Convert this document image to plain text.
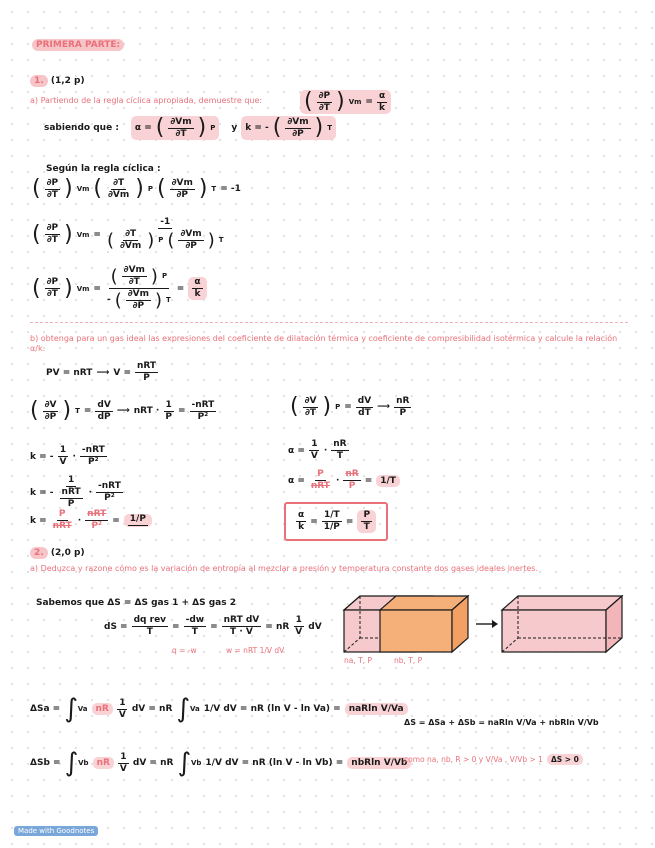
PRIMERA PARTE:
1. (1,2 p)
a) Partiendo de la regla cíclica apropiada, demuestre que: ( $\frac{\partial P}{\partial T}$ ) $Vm = \frac{\alpha}{k}$
sabiendo que : α = ( $\frac{\partial Vm}{\partial T}$ ) P y k = - ( $\frac{\partial Vm}{\partial P}$ ) T
Según la regla cíclica :
( $\frac{\partial P}{\partial T}$ ) Vm ( $\frac{\partial T}{\partial Vm}$ ) P ( $\frac{\partial Vm}{\partial P}$ ) T = -1
( $\frac{\partial P}{\partial T}$ ) $Vm = \frac{-1}{( \frac{\partial T}{\partial Vm} ) P ( \frac{\partial Vm}{\partial P} ) T}$
( $\frac{\partial P}{\partial T}$ ) $Vm = \frac{( \frac{\partial Vm}{\partial T} ) P}{- ( \frac{\partial Vm}{\partial P} ) T} = \frac{\alpha}{k}$
b) obtenga para un gas ideal las expresiones del coeficiente de dilatación térmica y coeficiente de compresibilidad isotérmica y calcule la relación α/k.
PV = nRT ⟶ $V = \frac{\text{nRT}}{P}$
( $\frac{\partial V}{\partial P}$ ) $T = \frac{dV}{dP}$ ⟶ nRT · $\frac{1}{P} = \frac{\text{-nRT}}{\text{P²}}$	( $\frac{\partial V}{\partial T}$ ) $P = \frac{dV}{dT}$ ⟶ $\frac{nR}{P}$
k = - $\frac{1}{V} \cdot \frac{\text{-nRT}}{\text{P²}}$
k = - $\frac{1}{\frac{\text{nRT}}{P}} \cdot \frac{\text{-nRT}}{\text{P²}}$
$k = \frac{P}{\text{nRT}} \cdot \frac{\text{nRT}}{\text{P²}} = 1/P$
$\alpha = \frac{1}{V} \cdot \frac{nR}{T}$
$\alpha = \frac{P}{\text{nRT}} \cdot \frac{nR}{P} = 1/T$
$\frac{\alpha}{k} = \frac{1/T}{1/P} = \frac{P}{T}$
2. (2,0 p)
a) Deduzca y razone cómo es la variación de entropía al mezclar a presión y temperatura constante dos gases ideales inertes.
Sabemos que ΔS = ΔS gas 1 + ΔS gas 2
dS = $\frac{\text{dq rev}}{T} = \frac{-dw}{T} = \frac{\text{nRT dV}}{T \cdot V}$ = nR $\frac{1}{V}$ dV
q = -w	w = nRT 1/V dV
na, T, P	nb, T, P
ΔSa = ∫ Va nR $\frac{1}{V}$ dV = nR ∫ Va 1/V dV = nR (ln V - ln Va) = naRln V/Va
ΔSb = ∫ Vb nR $\frac{1}{V}$ dV = nR ∫ Vb 1/V dV = nR (ln V - ln Vb) = nbRln V/Vb
ΔS = ΔSa + ΔSb = naRln V/Va + nbRln V/Vb
como na, nb, R > 0 y V/Va , V/Vb > 1	ΔS > 0
Made with Goodnotes
